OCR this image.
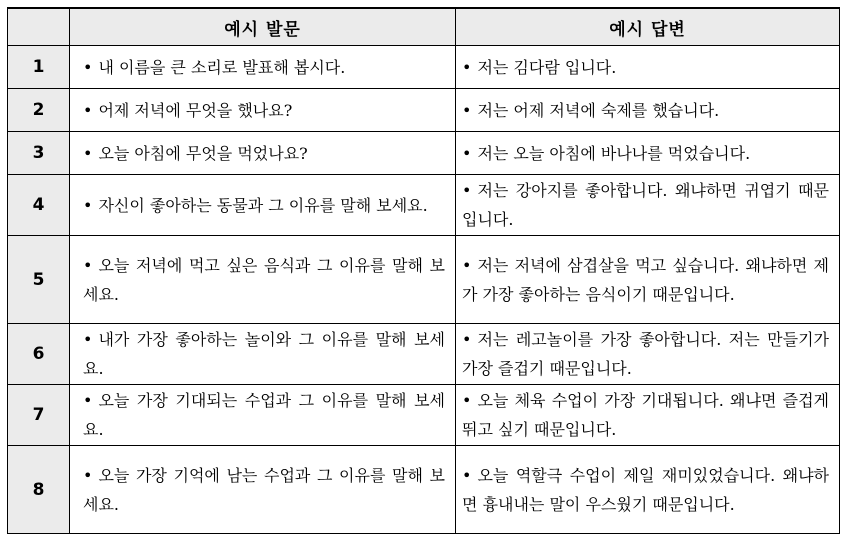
	예시 발문	예시 답변
1	• 내 이름을 큰 소리로 발표해 봅시다.	• 저는 김다람 입니다.
2	• 어제 저녁에 무엇을 했나요?	• 저는 어제 저녁에 숙제를 했습니다.
3	• 오늘 아침에 무엇을 먹었나요?	• 저는 오늘 아침에 바나나를 먹었습니다.
4	• 자신이 좋아하는 동물과 그 이유를 말해 보세요.	• 저는 강아지를 좋아합니다. 왜냐하면 귀엽기 때문입니다.
5	• 오늘 저녁에 먹고 싶은 음식과 그 이유를 말해 보세요.	• 저는 저녁에 삼겹살을 먹고 싶습니다. 왜냐하면 제가 가장 좋아하는 음식이기 때문입니다.
6	• 내가 가장 좋아하는 놀이와 그 이유를 말해 보세요.	• 저는 레고놀이를 가장 좋아합니다. 저는 만들기가 가장 즐겁기 때문입니다.
7	• 오늘 가장 기대되는 수업과 그 이유를 말해 보세요.	• 오늘 체육 수업이 가장 기대됩니다. 왜냐면 즐겁게 뛰고 싶기 때문입니다.
8	• 오늘 가장 기억에 남는 수업과 그 이유를 말해 보세요.	• 오늘 역할극 수업이 제일 재미있었습니다. 왜냐하면 흉내내는 말이 우스웠기 때문입니다.
